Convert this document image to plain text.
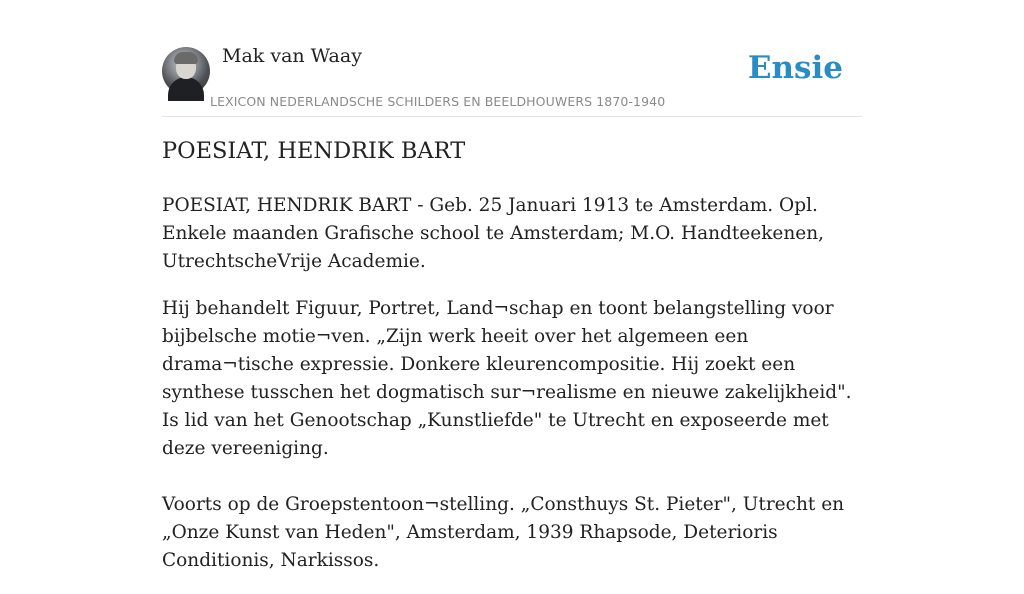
Mak van Waay
LEXICON NEDERLANDSCHE SCHILDERS EN BEELDHOUWERS 1870-1940
Ensie
POESIAT, HENDRIK BART

POESIAT, HENDRIK BART - Geb. 25 Januari 1913 te Amsterdam. Opl. Enkele maanden Grafische school te Amsterdam; M.O. Handteekenen, UtrechtscheVrije Academie.

Hij behandelt Figuur, Portret, Land¬schap en toont belangstelling voor bijbelsche motie¬ven. „Zijn werk heeit over het algemeen een drama¬tische expressie. Donkere kleurencompositie. Hij zoekt een synthese tusschen het dogmatisch sur¬realisme en nieuwe zakelijkheid". Is lid van het Genootschap „Kunstliefde" te Utrecht en exposeerde met deze vereeniging.

Voorts op de Groepstentoon¬stelling. „Consthuys St. Pieter", Utrecht en „Onze Kunst van Heden", Amsterdam, 1939 Rhapsode, Deterioris Conditionis, Narkissos.
